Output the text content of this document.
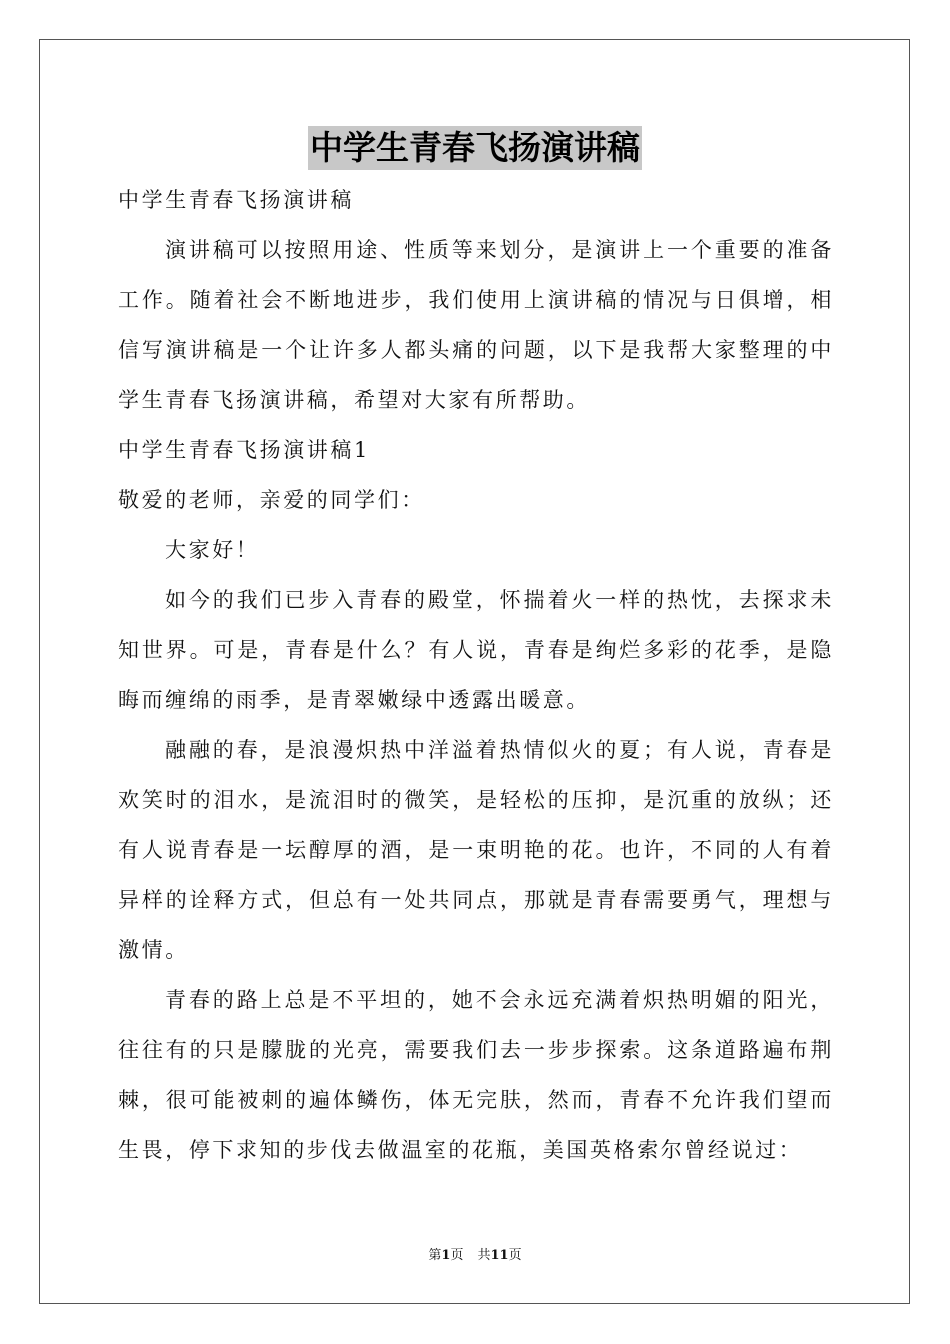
中学生青春飞扬演讲稿

中学生青春飞扬演讲稿

演讲稿可以按照用途、性质等来划分，是演讲上一个重要的准备工作。随着社会不断地进步，我们使用上演讲稿的情况与日俱增，相信写演讲稿是一个让许多人都头痛的问题，以下是我帮大家整理的中学生青春飞扬演讲稿，希望对大家有所帮助。

中学生青春飞扬演讲稿1

敬爱的老师，亲爱的同学们：

大家好！

如今的我们已步入青春的殿堂，怀揣着火一样的热忱，去探求未知世界。可是，青春是什么？有人说，青春是绚烂多彩的花季，是隐晦而缠绵的雨季，是青翠嫩绿中透露出暖意。

融融的春，是浪漫炽热中洋溢着热情似火的夏；有人说，青春是欢笑时的泪水，是流泪时的微笑，是轻松的压抑，是沉重的放纵；还有人说青春是一坛醇厚的酒，是一束明艳的花。也许，不同的人有着异样的诠释方式，但总有一处共同点，那就是青春需要勇气，理想与激情。

青春的路上总是不平坦的，她不会永远充满着炽热明媚的阳光，往往有的只是朦胧的光亮，需要我们去一步步探索。这条道路遍布荆棘，很可能被刺的遍体鳞伤，体无完肤，然而，青春不允许我们望而生畏，停下求知的步伐去做温室的花瓶，美国英格索尔曾经说过：

第1页 共11页
